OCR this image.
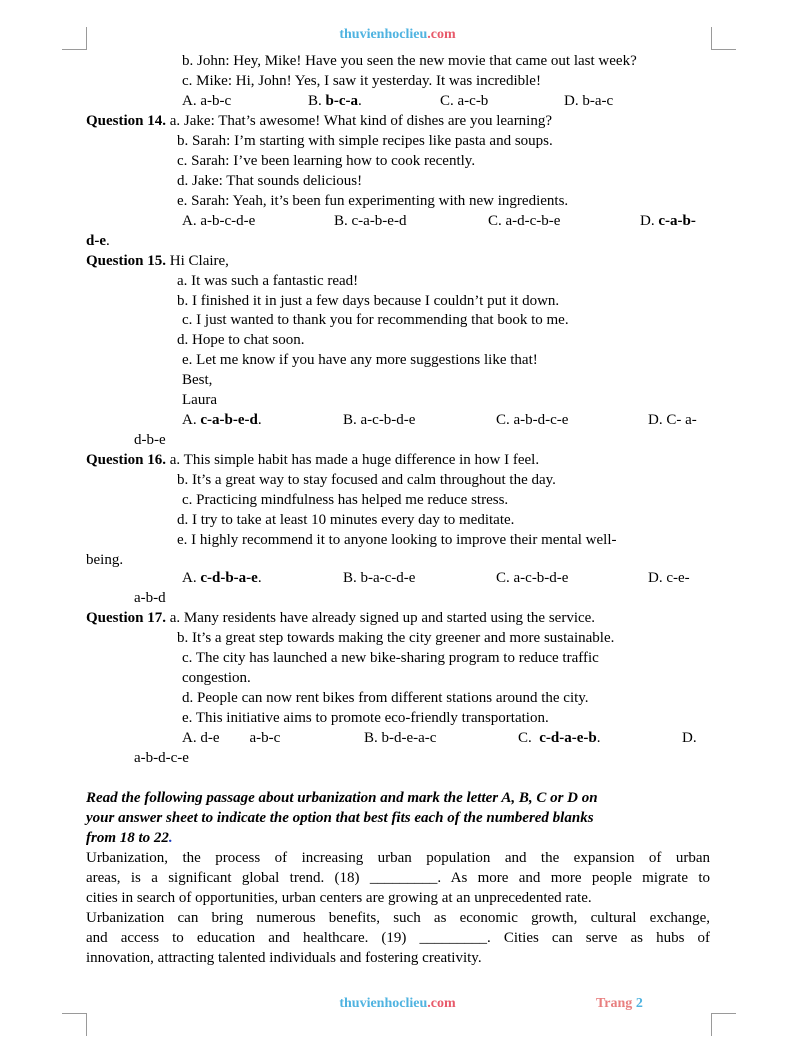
thuvienhoclieu.com
b. John: Hey, Mike! Have you seen the new movie that came out last week?
c. Mike: Hi, John! Yes, I saw it yesterday. It was incredible!
A. a-b-c	B. b-c-a.	C. a-c-b	D. b-a-c
Question 14. a. Jake: That’s awesome! What kind of dishes are you learning?
b. Sarah: I’m starting with simple recipes like pasta and soups.
c. Sarah: I’ve been learning how to cook recently.
d. Jake: That sounds delicious!
e. Sarah: Yeah, it’s been fun experimenting with new ingredients.
A. a-b-c-d-e	B. c-a-b-e-d	C. a-d-c-b-e	D. c-a-b-
d-e.
Question 15. Hi Claire,
a. It was such a fantastic read!
b. I finished it in just a few days because I couldn’t put it down.
c. I just wanted to thank you for recommending that book to me.
d. Hope to chat soon.
e. Let me know if you have any more suggestions like that!
Best,
Laura
A. c-a-b-e-d.	B. a-c-b-d-e	C. a-b-d-c-e	D. C- a-
d-b-e
Question 16. a. This simple habit has made a huge difference in how I feel.
b. It’s a great way to stay focused and calm throughout the day.
c. Practicing mindfulness has helped me reduce stress.
d. I try to take at least 10 minutes every day to meditate.
e. I highly recommend it to anyone looking to improve their mental well-
being.
A. c-d-b-a-e.	B. b-a-c-d-e	C. a-c-b-d-e	D. c-e-
a-b-d
Question 17. a. Many residents have already signed up and started using the service.
b. It’s a great step towards making the city greener and more sustainable.
c. The city has launched a new bike-sharing program to reduce traffic
congestion.
d. People can now rent bikes from different stations around the city.
e. This initiative aims to promote eco-friendly transportation.
A. d-e        a-b-c	B. b-d-e-a-c	C.  c-d-a-e-b.	D.
a-b-d-c-e
Read the following passage about urbanization and mark the letter A, B, C or D on
your answer sheet to indicate the option that best fits each of the numbered blanks
from 18 to 22.
Urbanization, the process of increasing urban population and the expansion of urban
areas, is a significant global trend. (18) _________. As more and more people migrate to
cities in search of opportunities, urban centers are growing at an unprecedented rate.
Urbanization can bring numerous benefits, such as economic growth, cultural exchange,
and access to education and healthcare. (19) _________. Cities can serve as hubs of
innovation, attracting talented individuals and fostering creativity.
thuvienhoclieu.com	Trang 2
